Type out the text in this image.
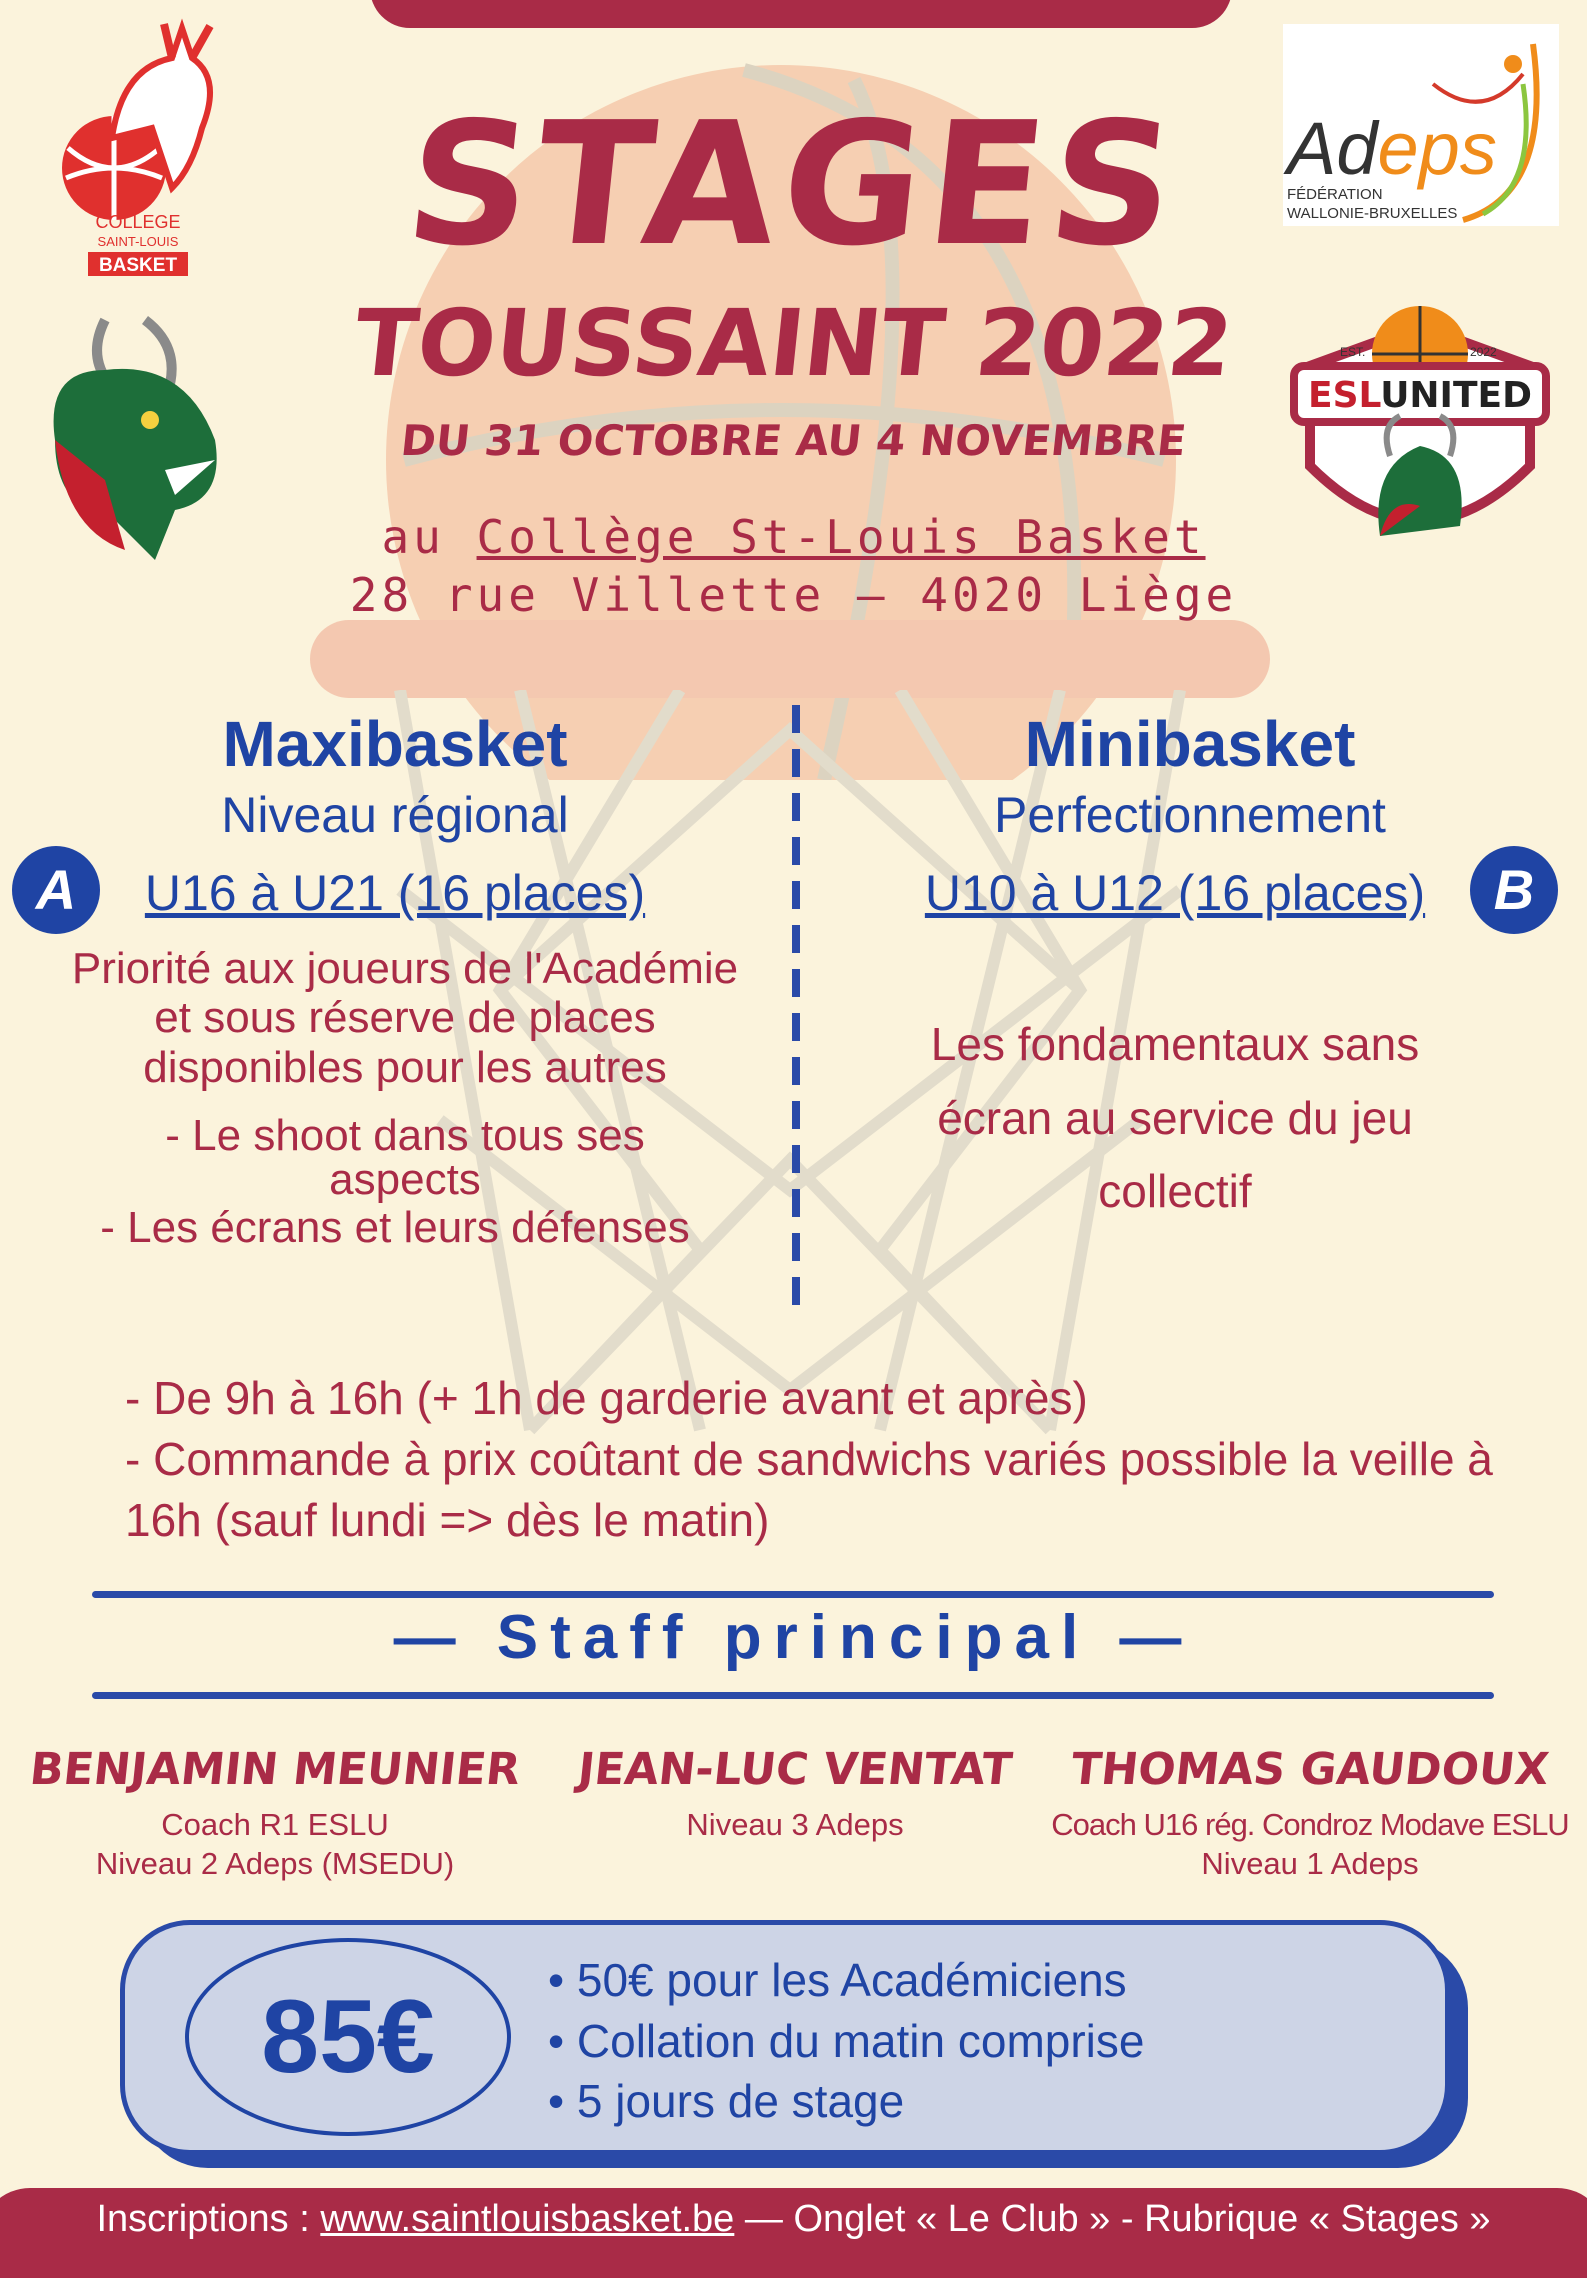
COLLEGE
SAINT-LOUIS
BASKET
Adeps
FÉDÉRATION
WALLONIE-BRUXELLES
EST.	2022
ESLUNITED
STAGES
TOUSSAINT 2022
DU 31 OCTOBRE AU 4 NOVEMBRE
au Collège St-Louis Basket
28 rue Villette — 4020 Liège
A	B
Maxibasket
Niveau régional
U16 à U21 (16 places)
Priorité aux joueurs de l'Académie et sous réserve de places disponibles pour les autres
- Le shoot dans tous ses aspects
- Les écrans et leurs défenses
Minibasket
Perfectionnement
U10 à U12 (16 places)
Les fondamentaux sans écran au service du jeu collectif
- De 9h à 16h (+ 1h de garderie avant et après)
- Commande à prix coûtant de sandwichs variés possible la veille à 16h (sauf lundi => dès le matin)
— Staff principal —
BENJAMIN MEUNIER
Coach R1 ESLU
Niveau 2 Adeps (MSEDU)
JEAN-LUC VENTAT
Niveau 3 Adeps
THOMAS GAUDOUX
Coach U16 rég. Condroz Modave ESLU
Niveau 1 Adeps
85€	• 50€ pour les Académiciens
• Collation du matin comprise
• 5 jours de stage
Inscriptions : www.saintlouisbasket.be — Onglet « Le Club » - Rubrique « Stages »
